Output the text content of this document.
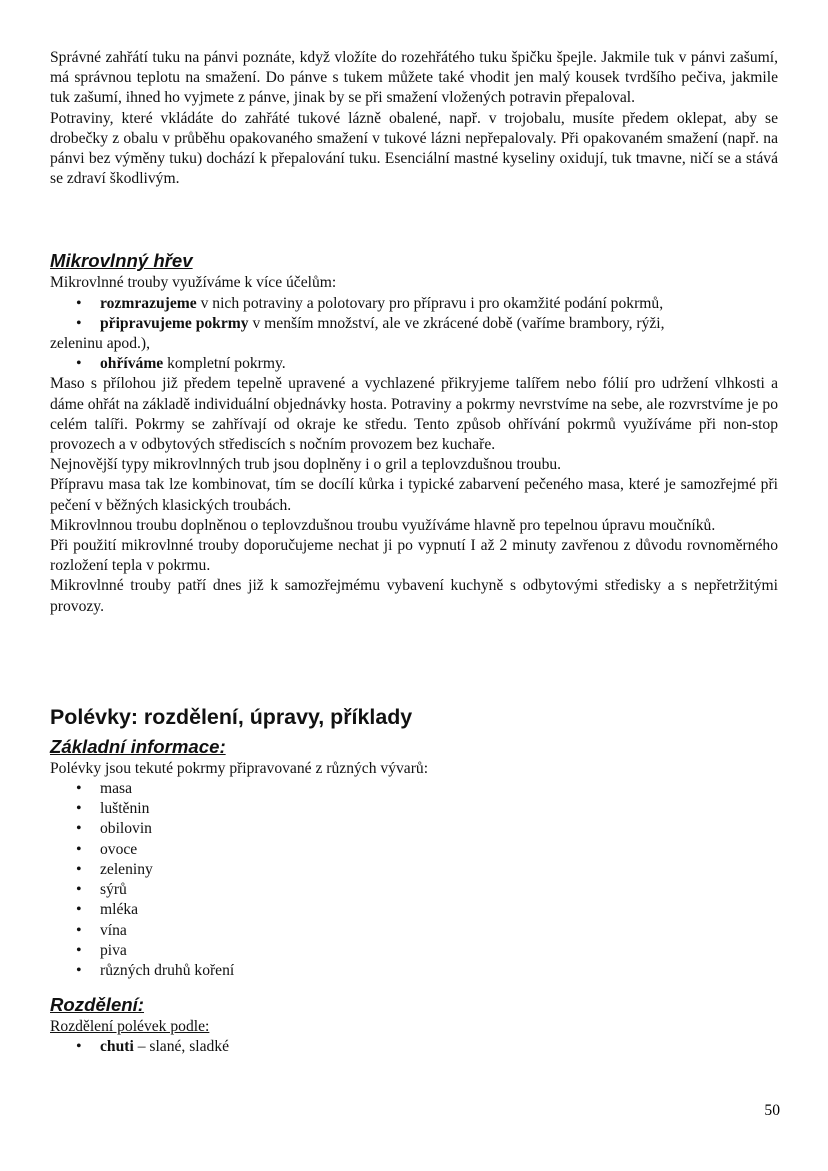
Správné zahřátí tuku na pánvi poznáte, když vložíte do rozehřátého tuku špičku špejle. Jakmile tuk v pánvi zašumí, má správnou teplotu na smažení. Do pánve s tukem můžete také vhodit jen malý kousek tvrdšího pečiva, jakmile tuk zašumí, ihned ho vyjmete z pánve, jinak by se při smažení vložených potravin přepaloval.

Potraviny, které vkládáte do zahřáté tukové lázně obalené, např. v trojobalu, musíte předem oklepat, aby se drobečky z obalu v průběhu opakovaného smažení v tukové lázni nepřepalovaly. Při opakovaném smažení (např. na pánvi bez výměny tuku) dochází k přepalování tuku. Esenciální mastné kyseliny oxidují, tuk tmavne, ničí se a stává se zdraví škodlivým.

Mikrovlnný hřev

Mikrovlnné trouby využíváme k více účelům:

• rozmrazujeme v nich potraviny a polotovary pro přípravu i pro okamžité podání pokrmů,
• připravujeme pokrmy v menším množství, ale ve zkrácené době (vaříme brambory, rýži,

zeleninu apod.),

• ohříváme kompletní pokrmy.

Maso s přílohou již předem tepelně upravené a vychlazené přikryjeme talířem nebo fólií pro udržení vlhkosti a dáme ohřát na základě individuální objednávky hosta. Potraviny a pokrmy nevrstvíme na sebe, ale rozvrstvíme je po celém talíři. Pokrmy se zahřívají od okraje ke středu. Tento způsob ohřívání pokrmů využíváme při non-stop provozech a v odbytových střediscích s nočním provozem bez kuchaře.

Nejnovější typy mikrovlnných trub jsou doplněny i o gril a teplovzdušnou troubu.

Přípravu masa tak lze kombinovat, tím se docílí kůrka i typické zabarvení pečeného masa, které je samozřejmé při pečení v běžných klasických troubách.

Mikrovlnnou troubu doplněnou o teplovzdušnou troubu využíváme hlavně pro tepelnou úpravu moučníků.

Při použití mikrovlnné trouby doporučujeme nechat ji po vypnutí I až 2 minuty zavřenou z důvodu rovnoměrného rozložení tepla v pokrmu.

Mikrovlnné trouby patří dnes již k samozřejmému vybavení kuchyně s odbytovými středisky a s nepřetržitými provozy.

Polévky: rozdělení, úpravy, příklady

Základní informace:

Polévky jsou tekuté pokrmy připravované z různých vývarů:

• masa
• luštěnin
• obilovin
• ovoce
• zeleniny
• sýrů
• mléka
• vína
• piva
• různých druhů koření

Rozdělení:

Rozdělení polévek podle:

• chuti – slané, sladké
50
